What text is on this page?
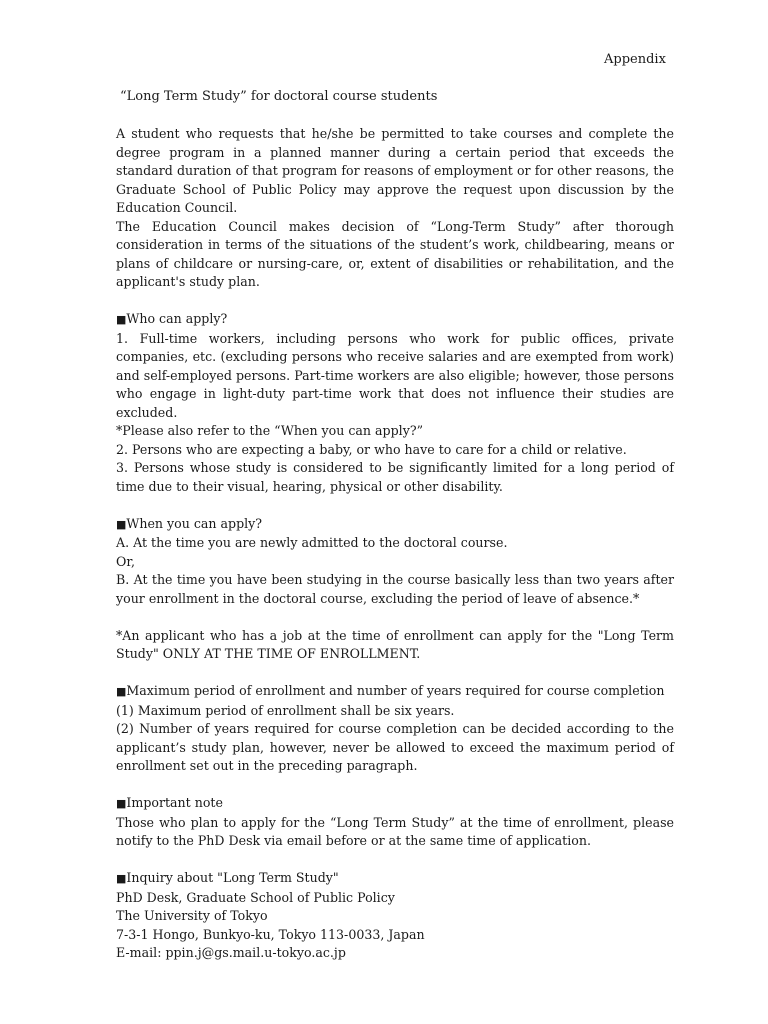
Appendix
“Long Term Study” for doctoral course students

A student who requests that he/she be permitted to take courses and complete the degree program in a planned manner during a certain period that exceeds the standard duration of that program for reasons of employment or for other reasons, the Graduate School of Public Policy may approve the request upon discussion by the Education Council.

The Education Council makes decision of “Long-Term Study” after thorough consideration in terms of the situations of the student’s work, childbearing, means or plans of childcare or nursing-care, or, extent of disabilities or rehabilitation, and the applicant's study plan.

■Who can apply?

1. Full-time workers, including persons who work for public offices, private companies, etc. (excluding persons who receive salaries and are exempted from work) and self-employed persons. Part-time workers are also eligible; however, those persons who engage in light-duty part-time work that does not influence their studies are excluded.

*Please also refer to the “When you can apply?”

2. Persons who are expecting a baby, or who have to care for a child or relative.

3. Persons whose study is considered to be significantly limited for a long period of time due to their visual, hearing, physical or other disability.

■When you can apply?

A. At the time you are newly admitted to the doctoral course.

Or,

B. At the time you have been studying in the course basically less than two years after your enrollment in the doctoral course, excluding the period of leave of absence.*

*An applicant who has a job at the time of enrollment can apply for the "Long Term Study" ONLY AT THE TIME OF ENROLLMENT.

■Maximum period of enrollment and number of years required for course completion

(1) Maximum period of enrollment shall be six years.

(2) Number of years required for course completion can be decided according to the applicant’s study plan, however, never be allowed to exceed the maximum period of enrollment set out in the preceding paragraph.

■Important note

Those who plan to apply for the “Long Term Study” at the time of enrollment, please notify to the PhD Desk via email before or at the same time of application.

■Inquiry about "Long Term Study"

PhD Desk, Graduate School of Public Policy

The University of Tokyo

7-3-1 Hongo, Bunkyo-ku, Tokyo 113-0033, Japan

E-mail: ppin.j@gs.mail.u-tokyo.ac.jp
